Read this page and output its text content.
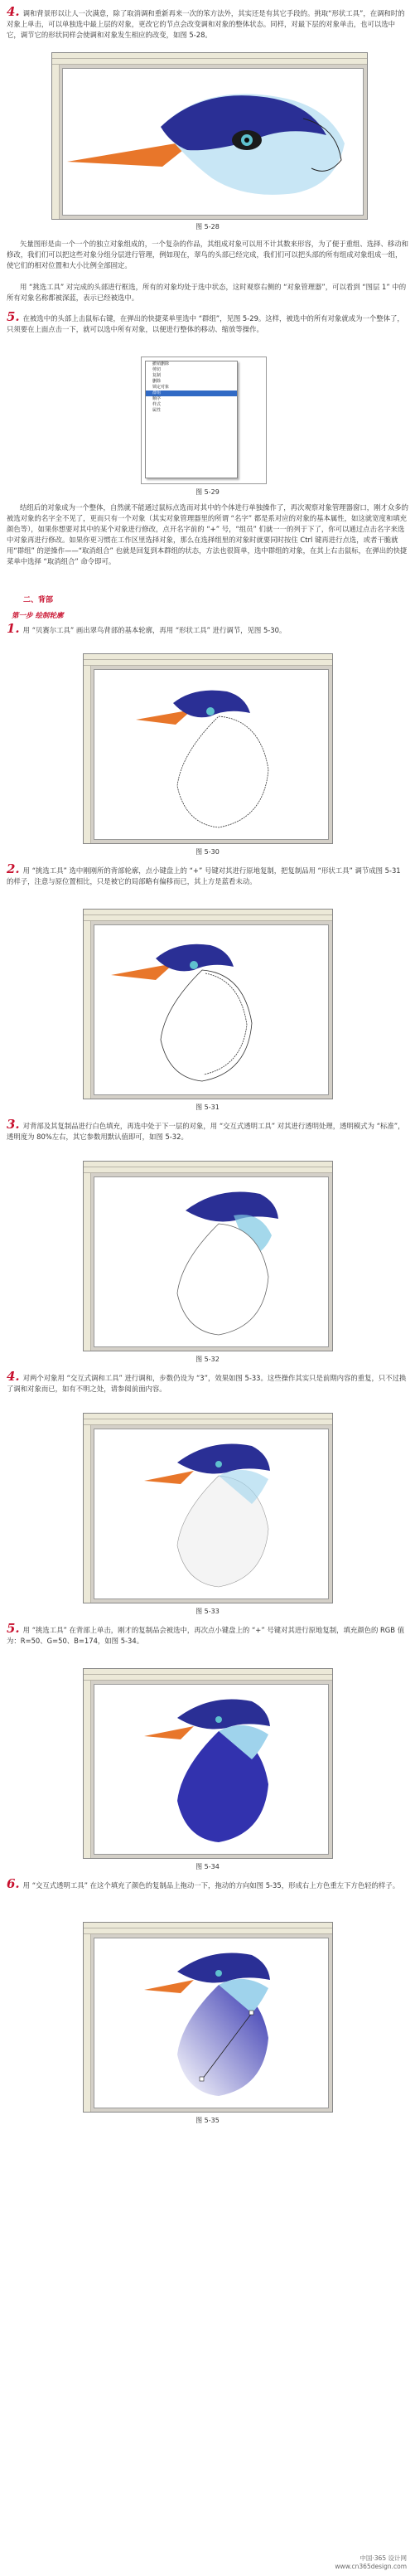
4. 调和背景形以让人一次满意，除了取消调和重新再来一次的笨方法外，其实还是有其它手段的。挑取“形状工具”，在调和时的对象上单击，可以单独选中最上层的对象，更改它的节点会改变调和对象的整体状态。同样，对最下层的对象单击，也可以选中它，调节它的形状同样会使调和对象发生相应的改变，如图 5-28。

图 5-28

矢量图形是由一个一个的独立对象组成的，一个复杂的作品，其组成对象可以用不计其数来形容，为了便于重组、选择、移动和修改，我们们可以把这些对象分组分层进行管理，例如现在，翠鸟的头部已经完成，我们们可以把头部的所有组成对象组成一组，使它们的相对位置和大小比例全部固定。

用 “挑选工具” 对完成的头部进行框选，所有的对象均处于选中状态，这时观察右侧的 “对象管理器”，可以看到 “图层 1” 中的所有对象名称都被深蓝，表示已经被选中。

5. 在被选中的头部上击鼠标右键，在弹出的快捷菜单里选中 “群组”，见图 5-29。这样，被选中的所有对象就成为一个整体了，只须要在上面点击一下，就可以选中所有对象，以便进行整体的移动、缩放等操作。

撤销删除
剪切
复制
删除
锁定对象
群组
顺序
样式
属性
图 5-29

结组后的对象成为一个整体，自然就不能通过鼠标点选而对其中的个体进行单独操作了，再次观察对象管理器窗口，刚才众多的被选对象的名字全不见了，更而只有一个对象（其实对象管理器里的所谓 “名字” 都是系对应的对象的基本属性，如这就宽度和填充颜色等），如果你想要对其中的某个对象进行修改，点开名字前的 “+” 号，“组员” 们就一一的列于下了，你可以通过点击名字来选中对象再进行修改。如果你更习惯在工作区里选择对象，那么在选择组里的对象时就要同时按住 Ctrl 键再进行点选，或者干脆就用“群组” 的逆操作——“取消组合” 也就是回复到本群组的状态，方法也很简单，选中群组的对象，在其上右击鼠标，在弹出的快捷菜单中选择 “取消组合” 命令即可。

二、背部
第一步 绘制轮廓

1. 用 “贝赛尔工具” 画出翠鸟背部的基本轮廓，再用 “形状工具” 进行调节，见图 5-30。

图 5-30

2. 用 “挑选工具” 选中刚刚所的背部轮廓，点小键盘上的 “+” 号键对其进行原地复制，把复制品用 “形状工具” 调节成图 5-31 的样子，注意与原位置相比，只是被它的局部略有偏移而已，其上方是蓝看未动。

图 5-31

3. 对背部及其复制品进行白色填充，再选中处于下一层的对象，用 “交互式透明工具” 对其进行透明处理，透明模式为 “标准”，透明度为 80%左右，其它参数用默认值即可，如图 5-32。

图 5-32

4. 对两个对象用 “交互式调和工具” 进行调和，步数仍设为 “3”，效果如图 5-33。这些操作其实只是前期内容的重复，只不过换了调和对象而已，如有不明之处，请参阅前面内容。

图 5-33

5. 用 “挑选工具” 在背部上单击，刚才的复制品会被选中，再次点小键盘上的 “+” 号键对其进行原地复制，填充颜色的 RGB 值为：R=50、G=50、B=174，如图 5-34。

图 5-34

6. 用 “交互式透明工具” 在这个填充了颜色的复制品上拖动一下，拖动的方向如图 5-35，形成右上方色重左下方色轻的样子。

图 5-35
中国·365 设计网
www.cn365design.com
